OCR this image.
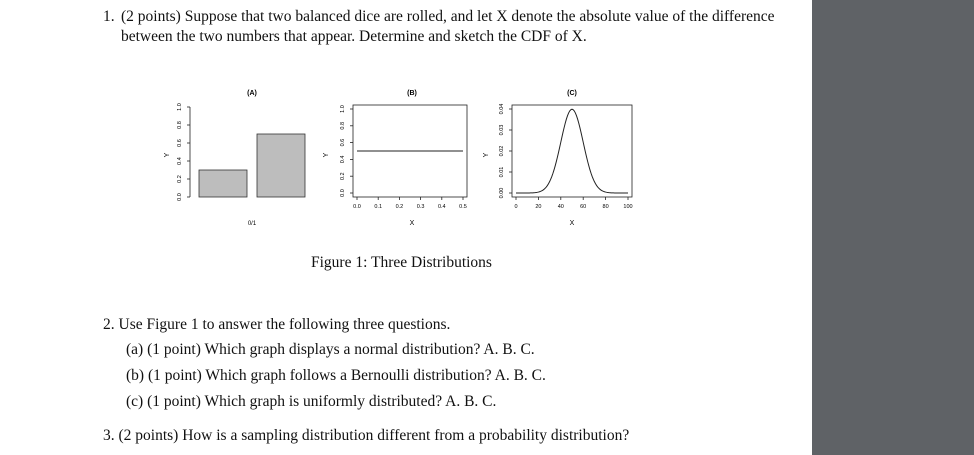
1. (2 points) Suppose that two balanced dice are rolled, and let X denote the absolute value of the difference between the two numbers that appear. Determine and sketch the CDF of X.
(A)
Y
0.0
0.2
0.4
0.6
0.8
1.0
0/1
(B)
Y
0.0
0.2
0.4
0.6
0.8
1.0
0.0 0.1 0.2 0.3 0.4 0.5
X
(C)
Y
0.00
0.01
0.02
0.03
0.04
0	20	40	60	80	100
X
Figure 1: Three Distributions
2. Use Figure 1 to answer the following three questions.
(a) (1 point) Which graph displays a normal distribution? A. B. C.
(b) (1 point) Which graph follows a Bernoulli distribution? A. B. C.
(c) (1 point) Which graph is uniformly distributed? A. B. C.
3. (2 points) How is a sampling distribution different from a probability distribution?
